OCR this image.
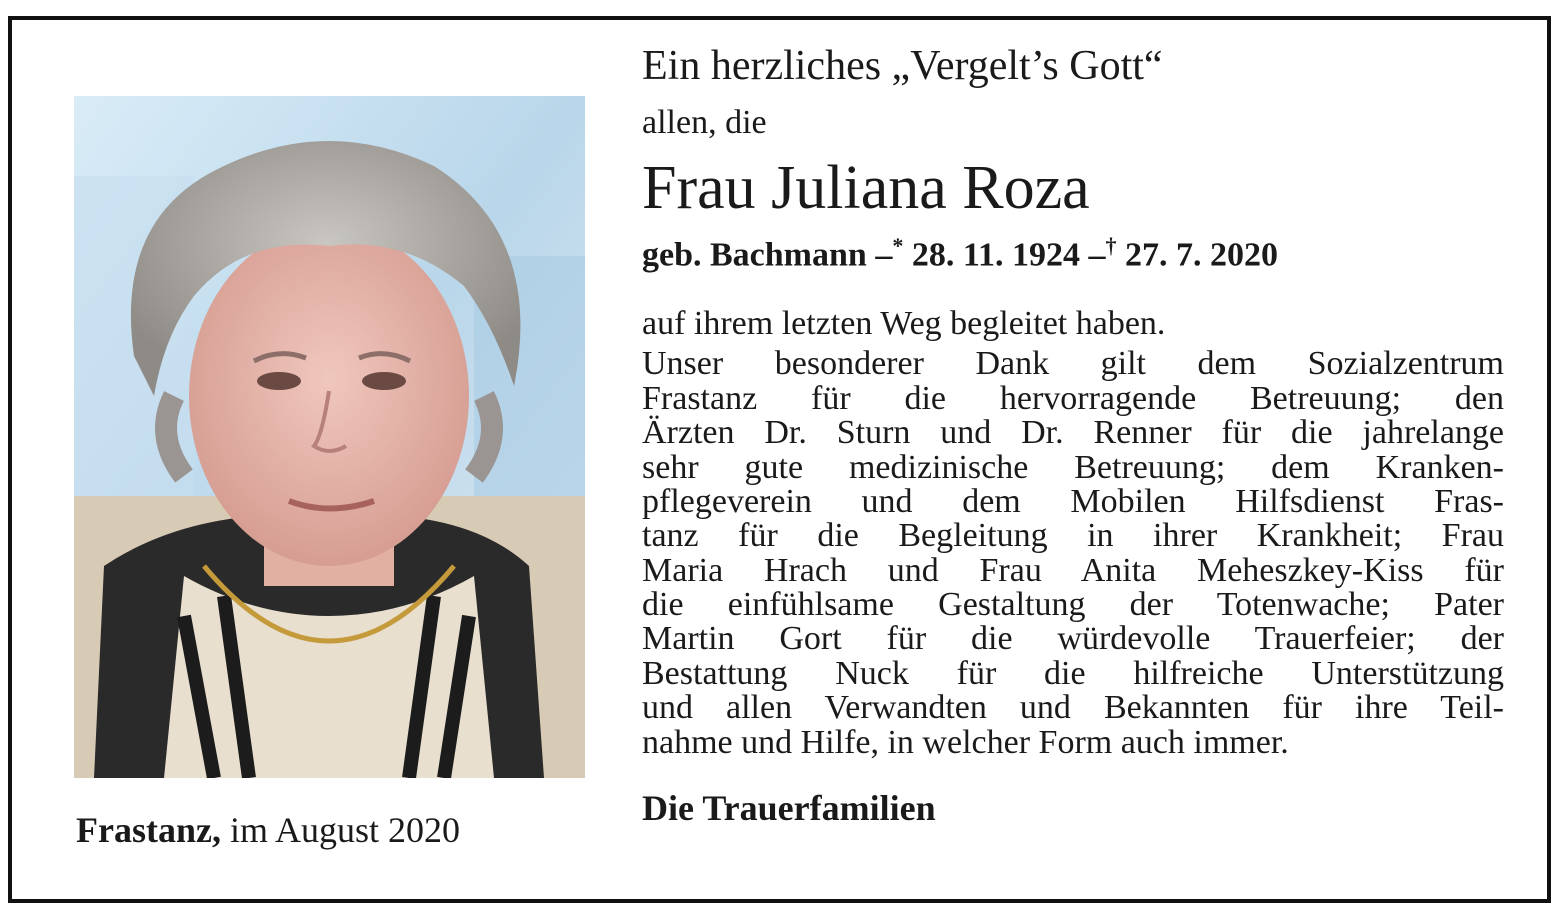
Frastanz, im August 2020
Ein herzliches „Vergelt’s Gott“
allen, die
Frau Juliana Roza
geb. Bachmann –* 28. 11. 1924 –† 27. 7. 2020
auf ihrem letzten Weg begleitet haben.
Unser besonderer Dank gilt dem Sozialzentrum
Frastanz für die hervorragende Betreuung; den
Ärzten Dr. Sturn und Dr. Renner für die jahrelange
sehr gute medizinische Betreuung; dem Kranken-
pflegeverein und dem Mobilen Hilfsdienst Fras-
tanz für die Begleitung in ihrer Krankheit; Frau
Maria Hrach und Frau Anita Meheszkey-Kiss für
die einfühlsame Gestaltung der Totenwache; Pater
Martin Gort für die würdevolle Trauerfeier; der
Bestattung Nuck für die hilfreiche Unterstützung
und allen Verwandten und Bekannten für ihre Teil-
nahme und Hilfe, in welcher Form auch immer.
Die Trauerfamilien
